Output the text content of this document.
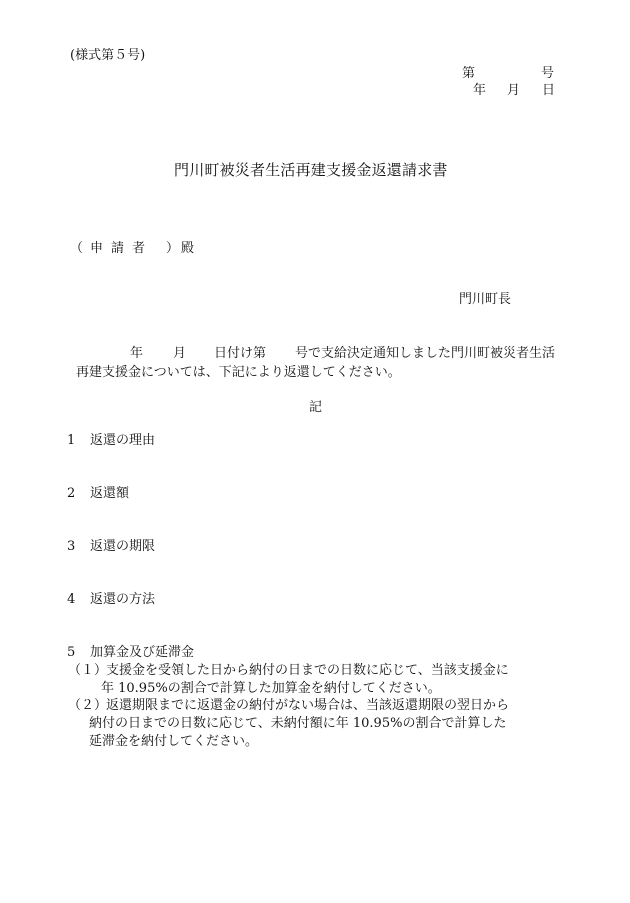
(様式第５号)
第	号
年 月 日
門川町被災者生活再建支援金返還請求書
（ 申請者 ） 殿
門川町長
年 月 日付け第 号で支給決定通知しました門川町被災者生活
再建支援金については、下記により返還してください。
記
1 返還の理由
2 返還額
3 返還の期限
4 返還の方法
5 加算金及び延滞金
（１）
支援金を受領した日から納付の日までの日数に応じて、当該支援金に
年 10.95%の割合で計算した加算金を納付してください。
（２）
返還期限までに返還金の納付がない場合は、当該返還期限の翌日から
納付の日までの日数に応じて、未納付額に年 10.95%の割合で計算した
延滞金を納付してください。
